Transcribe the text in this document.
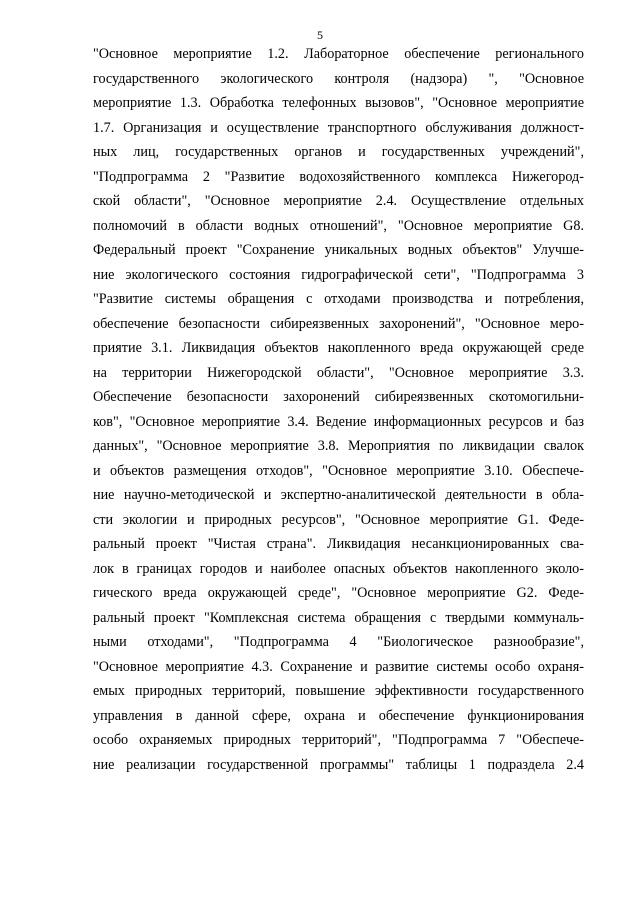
5
"Основное мероприятие 1.2. Лабораторное обеспечение регионального
государственного экологического контроля (надзора) ", "Основное
мероприятие 1.3. Обработка телефонных вызовов", "Основное мероприятие
1.7. Организация и осуществление транспортного обслуживания должност-
ных лиц, государственных органов и государственных учреждений",
"Подпрограмма 2 "Развитие водохозяйственного комплекса Нижегород-
ской области", "Основное мероприятие 2.4. Осуществление отдельных
полномочий в области водных отношений", "Основное мероприятие G8.
Федеральный проект "Сохранение уникальных водных объектов" Улучше-
ние экологического состояния гидрографической сети", "Подпрограмма 3
"Развитие системы обращения с отходами производства и потребления,
обеспечение безопасности сибиреязвенных захоронений", "Основное меро-
приятие 3.1. Ликвидация объектов накопленного вреда окружающей среде
на территории Нижегородской области", "Основное мероприятие 3.3.
Обеспечение безопасности захоронений сибиреязвенных скотомогильни-
ков", "Основное мероприятие 3.4. Ведение информационных ресурсов и баз
данных", "Основное мероприятие 3.8. Мероприятия по ликвидации свалок
и объектов размещения отходов", "Основное мероприятие 3.10. Обеспече-
ние научно-методической и экспертно-аналитической деятельности в обла-
сти экологии и природных ресурсов", "Основное мероприятие G1. Феде-
ральный проект "Чистая страна". Ликвидация несанкционированных сва-
лок в границах городов и наиболее опасных объектов накопленного эколо-
гического вреда окружающей среде", "Основное мероприятие G2. Феде-
ральный проект "Комплексная система обращения с твердыми коммуналь-
ными отходами", "Подпрограмма 4 "Биологическое разнообразие",
"Основное мероприятие 4.3. Сохранение и развитие системы особо охраня-
емых природных территорий, повышение эффективности государственного
управления в данной сфере, охрана и обеспечение функционирования
особо охраняемых природных территорий", "Подпрограмма 7 "Обеспече-
ние реализации государственной программы" таблицы 1 подраздела 2.4
